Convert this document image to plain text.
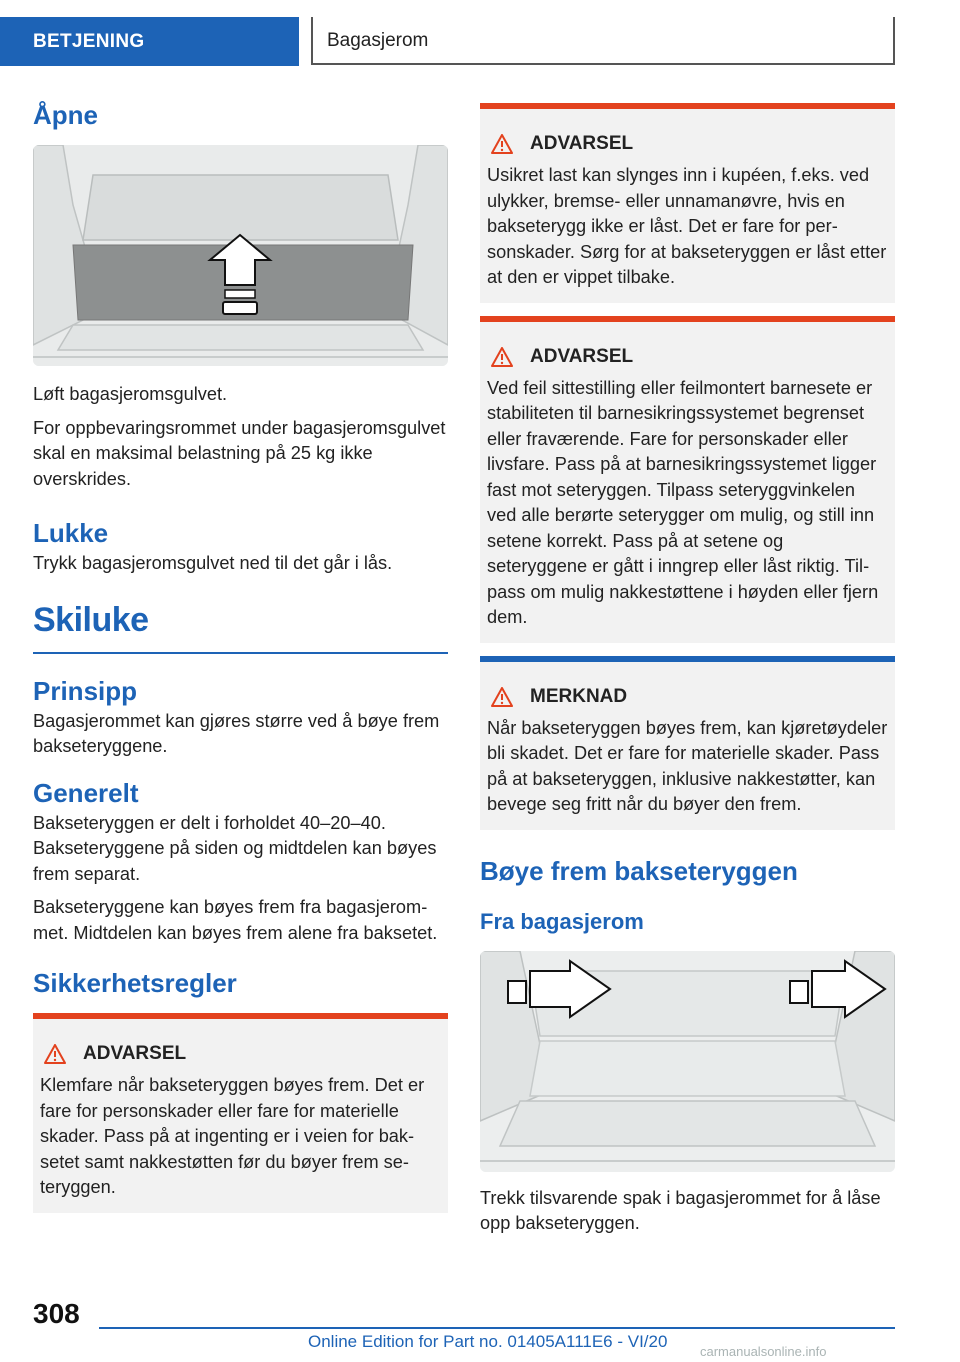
BETJENING	Bagasjerom
Åpne

Løft bagasjeromsgulvet.

For oppbevaringsrommet under bagasjeromsgulvet skal en maksimal belastning på 25 kg ikke overskrides.

Lukke

Trykk bagasjeromsgulvet ned til det går i lås.

Skiluke
Prinsipp

Bagasjerommet kan gjøres større ved å bøye frem bakseteryggene.

Generelt

Bakseteryggen er delt i forholdet 40–20–40. Bakseteryggene på siden og midtdelen kan bøyes frem separat.

Bakseteryggene kan bøyes frem fra bagasjerommet. Midtdelen kan bøyes frem alene fra baksetet.

Sikkerhetsregler
ADVARSEL

Klemfare når bakseteryggen bøyes frem. Det er fare for personskader eller fare for materielle skader. Pass på at ingenting er i veien for baksetet samt nakkestøtten før du bøyer frem seteryggen.

ADVARSEL

Usikret last kan slynges inn i kupéen, f.eks. ved ulykker, bremse- eller unnamanøvre, hvis en bakseterygg ikke er låst. Det er fare for personskader. Sørg for at bakseteryggen er låst etter at den er vippet tilbake.

ADVARSEL

Ved feil sittestilling eller feilmontert barnesete er stabiliteten til barnesikringssystemet begrenset eller fraværende. Fare for personskader eller livsfare. Pass på at barnesikringssystemet ligger fast mot seteryggen. Tilpass seteryggvinkelen ved alle berørte seterygger om mulig, og still inn setene korrekt. Pass på at setene og seteryggene er gått i inngrep eller låst riktig. Tilpass om mulig nakkestøttene i høyden eller fjern dem.

MERKNAD

Når bakseteryggen bøyes frem, kan kjøretøydeler bli skadet. Det er fare for materielle skader. Pass på at bakseteryggen, inklusive nakkestøtter, kan bevege seg fritt når du bøyer den frem.

Bøye frem bakseteryggen
Fra bagasjerom

Trekk tilsvarende spak i bagasjerommet for å låse opp bakseteryggen.

308
Online Edition for Part no. 01405A111E6 - VI/20
carmanualsonline.info
